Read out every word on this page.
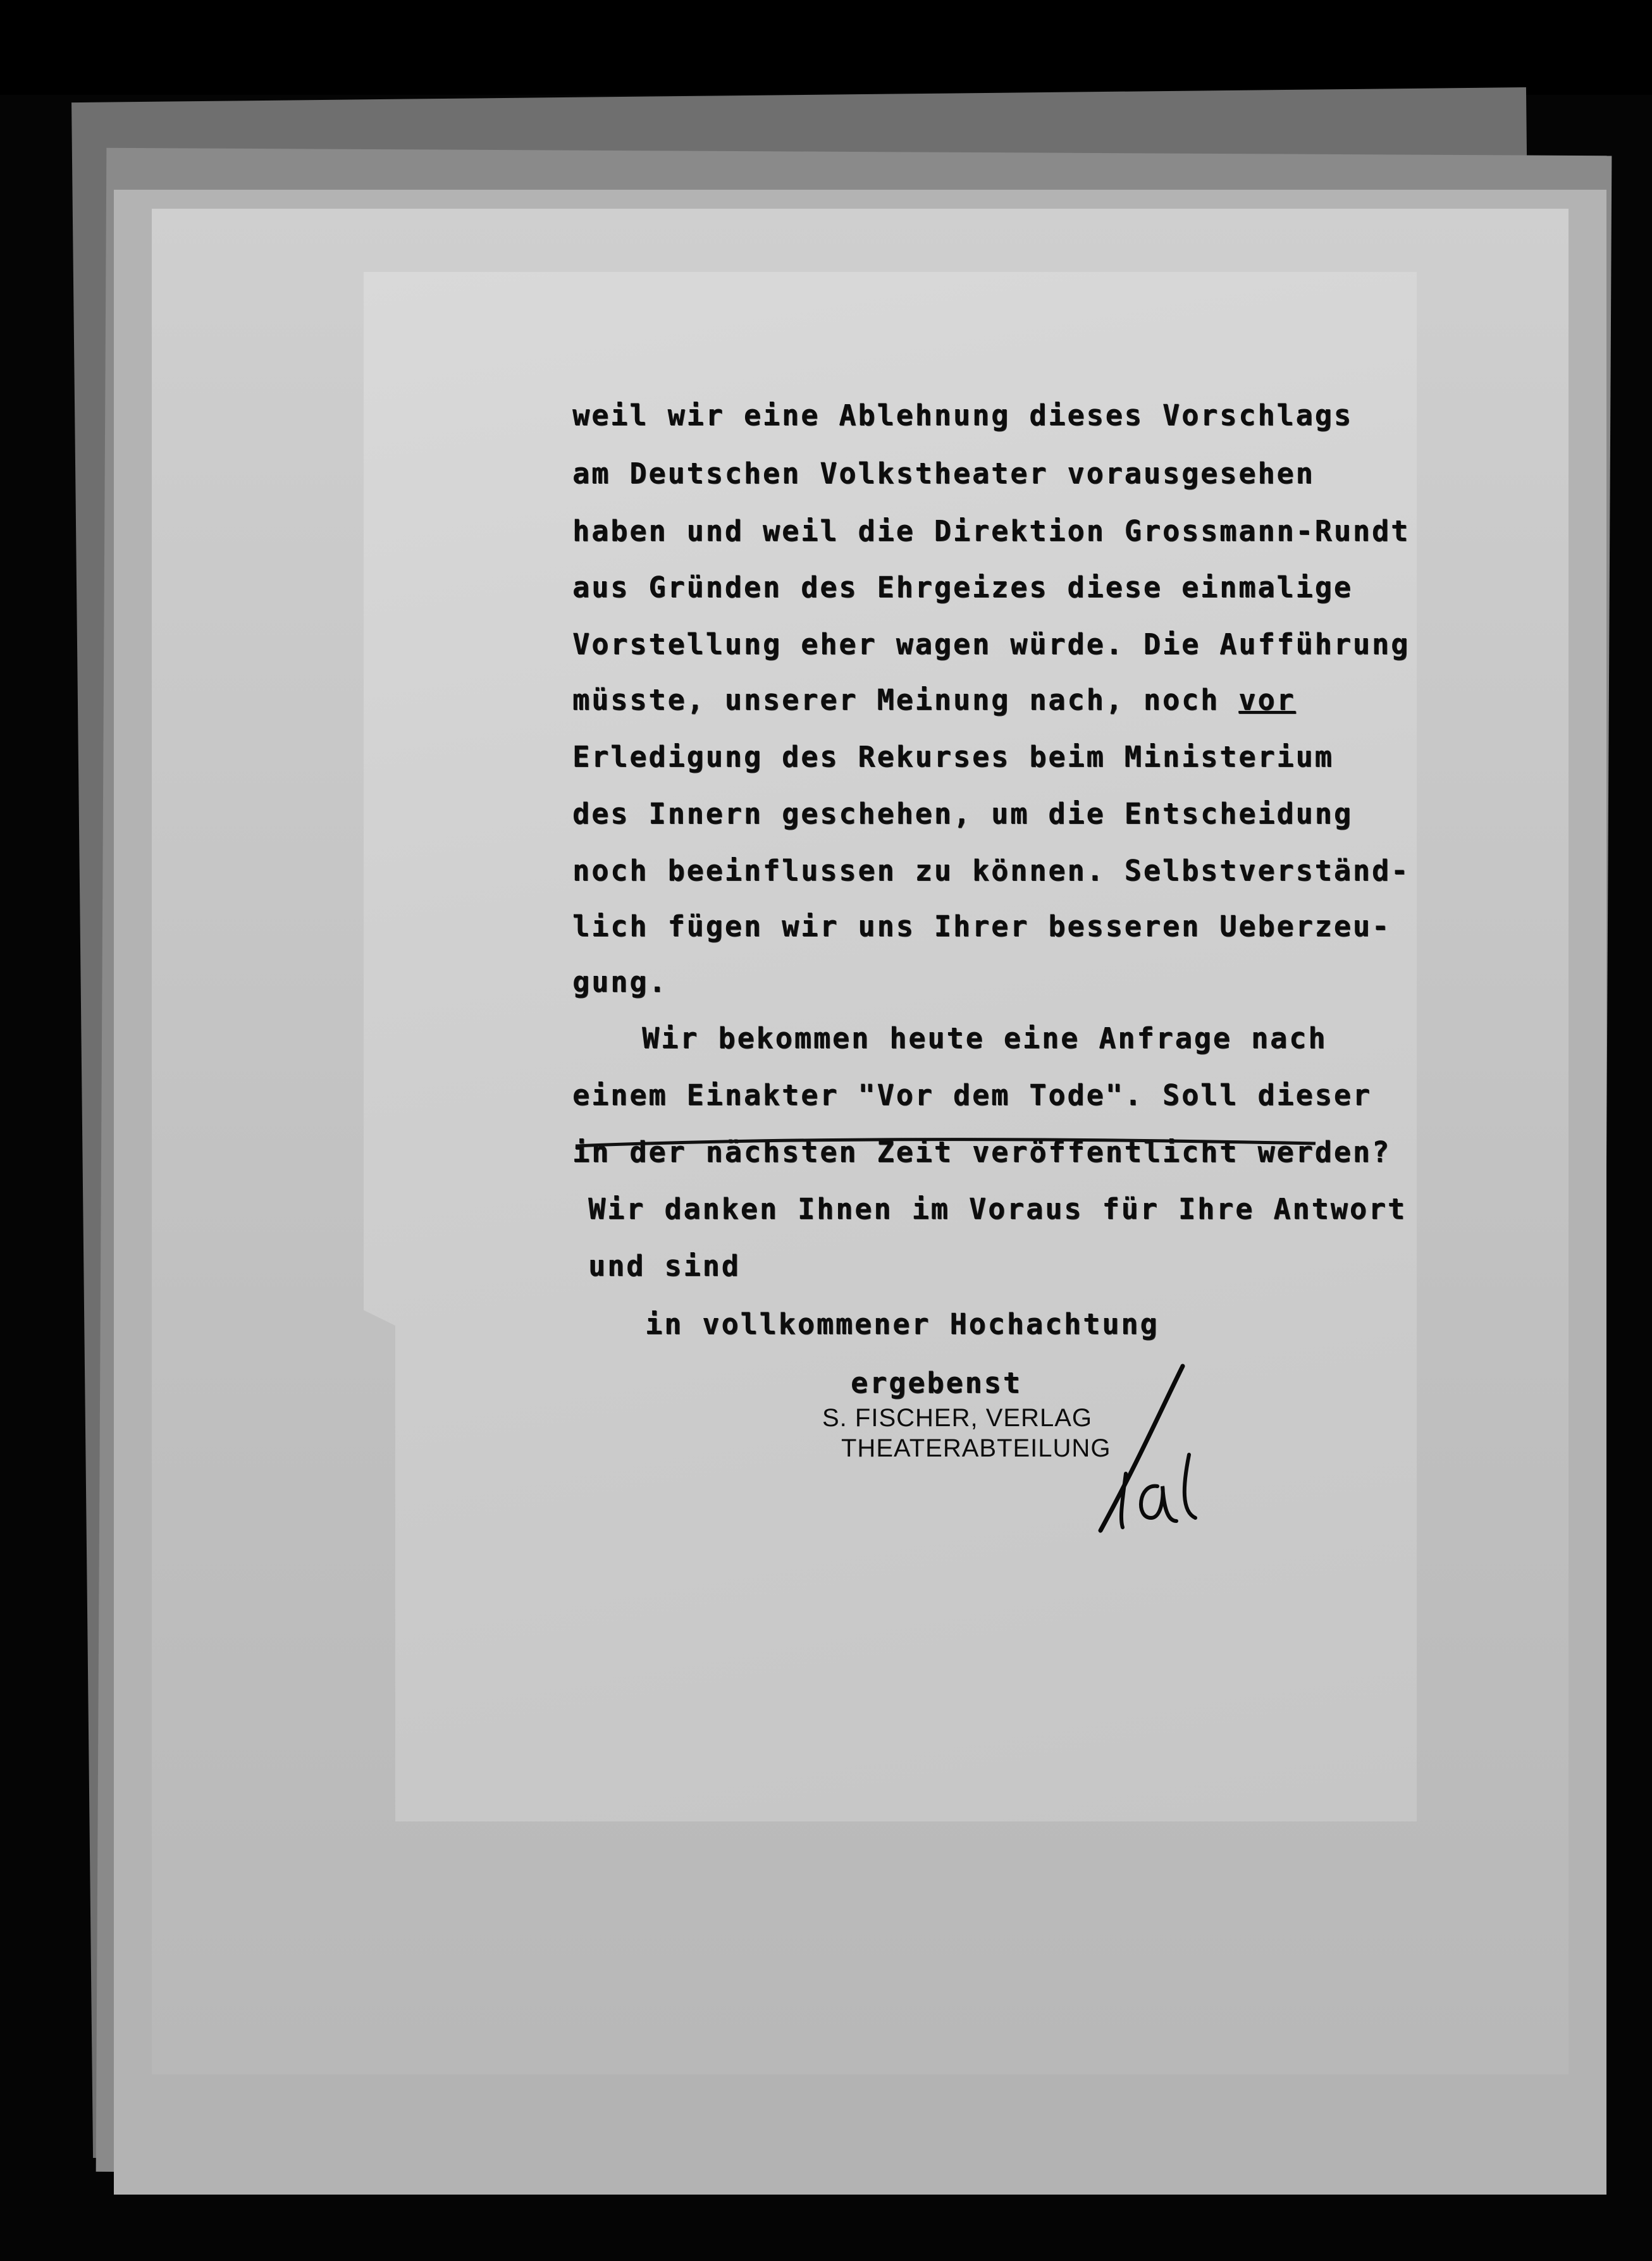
weil wir eine Ablehnung dieses Vorschlags
am Deutschen Volkstheater vorausgesehen
haben und weil die Direktion Grossmann-Rundt
aus Gründen des Ehrgeizes diese einmalige
Vorstellung eher wagen würde. Die Aufführung
müsste, unserer Meinung nach, noch vor
Erledigung des Rekurses beim Ministerium
des Innern geschehen, um die Entscheidung
noch beeinflussen zu können. Selbstverständ-
lich fügen wir uns Ihrer besseren Ueberzeu-
gung.
Wir bekommen heute eine Anfrage nach
einem Einakter "Vor dem Tode". Soll dieser
in der nächsten Zeit veröffentlicht werden?
Wir danken Ihnen im Voraus für Ihre Antwort
und sind
in vollkommener Hochachtung
ergebenst
S. FISCHER, VERLAG
THEATERABTEILUNG
